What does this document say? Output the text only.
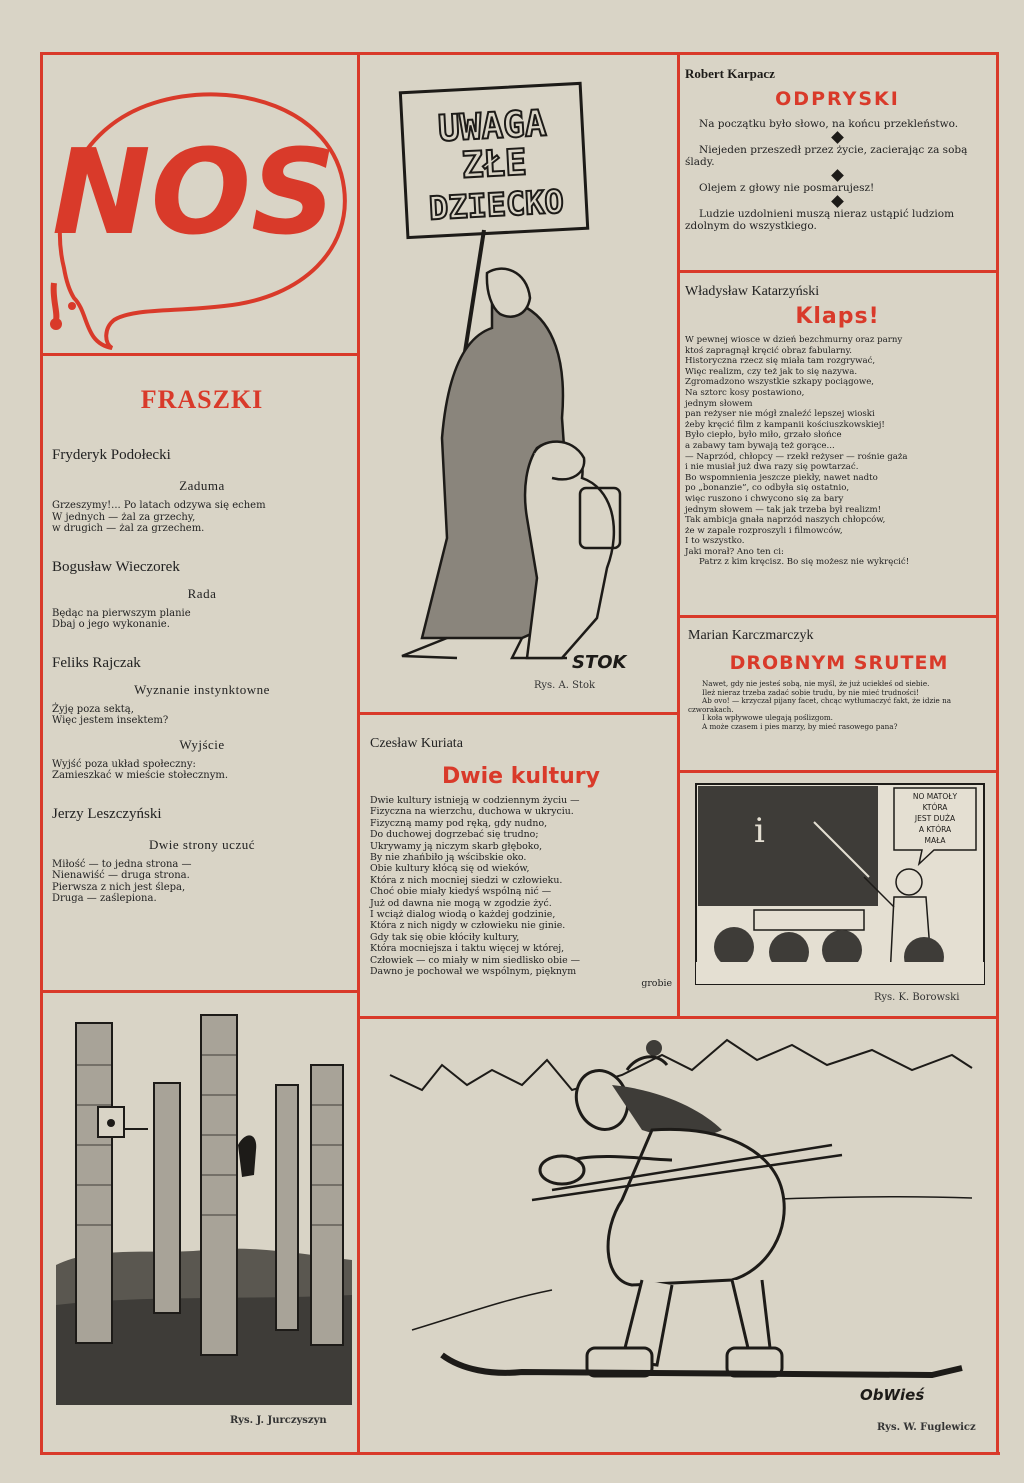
NOS
FRASZKI
Fryderyk Podołecki
Zaduma
Grzeszymy!... Po latach odzywa się echem
W jednych — żal za grzechy,
w drugich — żal za grzechem.
Bogusław Wieczorek
Rada
Będąc na pierwszym planie
Dbaj o jego wykonanie.
Feliks Rajczak
Wyznanie instynktowne
Żyję poza sektą,
Więc jestem insektem?
Wyjście
Wyjść poza układ społeczny:
Zamieszkać w mieście stołecznym.
Jerzy Leszczyński
Dwie strony uczuć
Miłość — to jedna strona —
Nienawiść — druga strona.
Pierwsza z nich jest ślepa,
Druga — zaślepiona.
UWAGA
ZŁE
DZIECKO
STOK
Rys. A. Stok
Robert Karpacz
ODPRYSKI
Na początku było słowo, na końcu przekleństwo.
Niejeden przeszedł przez życie, zacierając za sobą ślady.
Olejem z głowy nie posmarujesz!
Ludzie uzdolnieni muszą nieraz ustąpić ludziom zdolnym do wszystkiego.
Władysław Katarzyński
Klaps!
W pewnej wiosce w dzień bezchmurny oraz parny
ktoś zapragnął kręcić obraz fabularny.
Historyczna rzecz się miała tam rozgrywać,
Więc realizm, czy też jak to się nazywa.
Zgromadzono wszystkie szkapy pociągowe,
Na sztorc kosy postawiono,
jednym słowem
pan reżyser nie mógł znaleźć lepszej wioski
żeby kręcić film z kampanii kościuszkowskiej!
Było ciepło, było miło, grzało słońce
a zabawy tam bywają też gorące...
— Naprzód, chłopcy — rzekł reżyser — rośnie gaża
i nie musiał już dwa razy się powtarzać.
Bo wspomnienia jeszcze piekły, nawet nadto
po „bonanzie”, co odbyła się ostatnio,
więc ruszono i chwycono się za bary
jednym słowem — tak jak trzeba był realizm!
Tak ambicja gnała naprzód naszych chłopców,
że w zapale rozproszyli i filmowców,
I to wszystko.
Jaki morał? Ano ten ci:
Patrz z kim kręcisz. Bo się możesz nie wykręcić!
Marian Karczmarczyk
DROBNYM SRUTEM
Nawet, gdy nie jesteś sobą, nie myśl, że już uciekłeś od siebie.
Ileż nieraz trzeba zadać sobie trudu, by nie mieć trudności!
Ab ovo! — krzyczał pijany facet, chcąc wytłumaczyć fakt, że idzie na czworakach.
I koła wpływowe ulegają poślizgom.
A może czasem i pies marzy, by mieć rasowego pana?
Czesław Kuriata
Dwie kultury
Dwie kultury istnieją w codziennym życiu —
Fizyczna na wierzchu, duchowa w ukryciu.
Fizyczną mamy pod ręką, gdy nudno,
Do duchowej dogrzebać się trudno;
Ukrywamy ją niczym skarb głęboko,
By nie zhańbiło ją wścibskie oko.
Obie kultury kłócą się od wieków,
Która z nich mocniej siedzi w człowieku.
Choć obie miały kiedyś wspólną nić —
Już od dawna nie mogą w zgodzie żyć.
I wciąż dialog wiodą o każdej godzinie,
Która z nich nigdy w człowieku nie ginie.
Gdy tak się obie kłóciły kultury,
Która mocniejsza i taktu więcej w której,
Człowiek — co miały w nim siedlisko obie —
Dawno je pochował we wspólnym, pięknym
grobie
i
NO MATOŁY
KTÓRA
JEST DUŻA
A KTÓRA
MAŁA
Rys. K. Borowski
Rys. J. Jurczyszyn
ObWieś
Rys. W. Fuglewicz
